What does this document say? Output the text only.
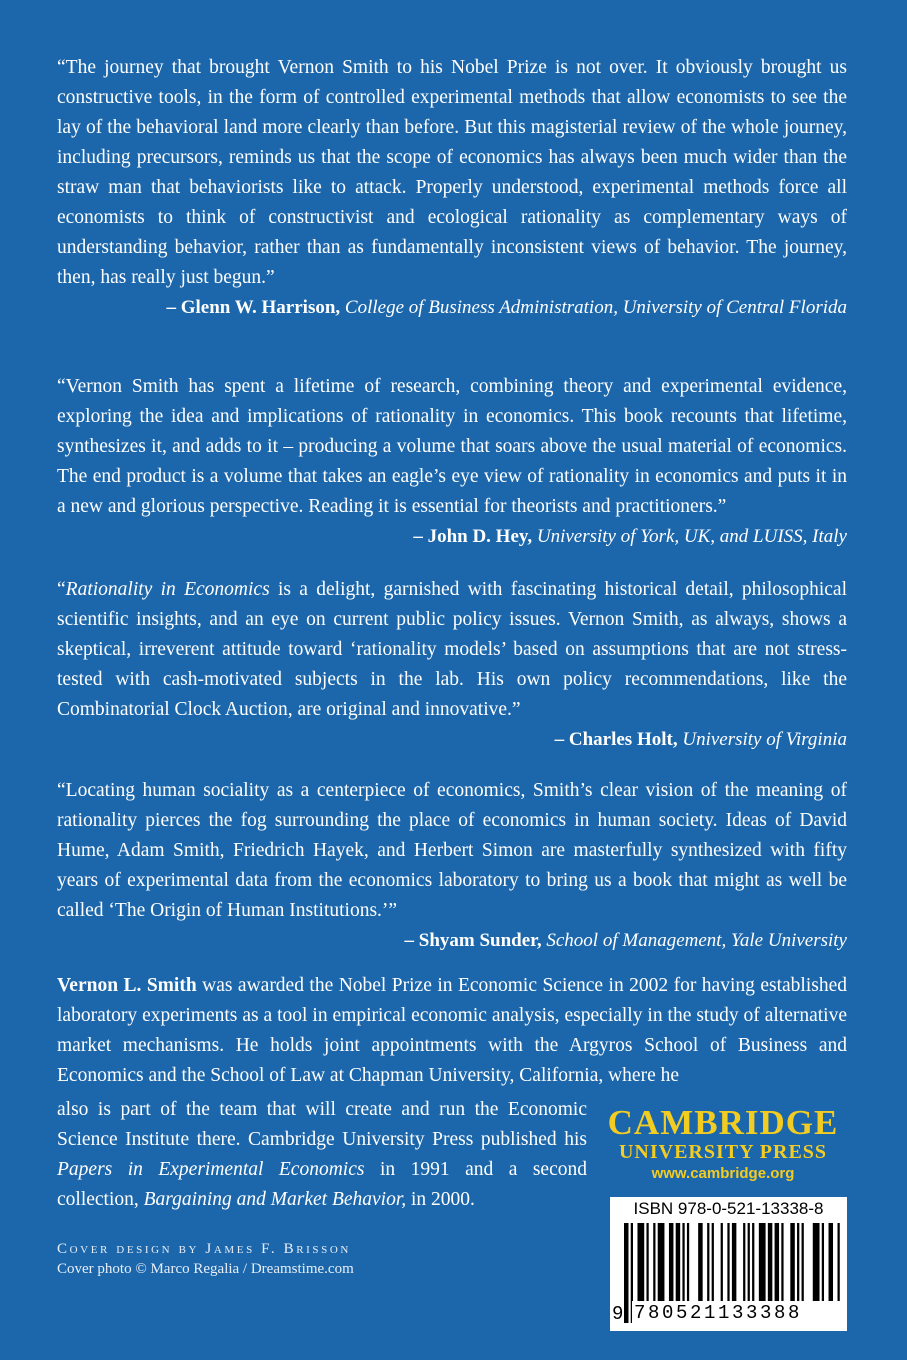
“The journey that brought Vernon Smith to his Nobel Prize is not over. It obviously brought us constructive tools, in the form of controlled experimental methods that allow economists to see the lay of the behavioral land more clearly than before. But this magisterial review of the whole journey, including precursors, reminds us that the scope of economics has always been much wider than the straw man that behaviorists like to attack. Properly understood, experimental methods force all economists to think of constructivist and ecological rationality as complementary ways of understanding behavior, rather than as fundamentally inconsistent views of behavior. The journey, then, has really just begun.”

– Glenn W. Harrison, College of Business Administration, University of Central Florida

“Vernon Smith has spent a lifetime of research, combining theory and experimental evidence, exploring the idea and implications of rationality in economics. This book recounts that lifetime, synthesizes it, and adds to it – producing a volume that soars above the usual material of economics. The end product is a volume that takes an eagle’s eye view of rationality in economics and puts it in a new and glorious perspective. Reading it is essential for theorists and practitioners.”

– John D. Hey, University of York, UK, and LUISS, Italy

“Rationality in Economics is a delight, garnished with fascinating historical detail, philosophical scientific insights, and an eye on current public policy issues. Vernon Smith, as always, shows a skeptical, irreverent attitude toward ‘rationality models’ based on assumptions that are not stress-tested with cash-motivated subjects in the lab. His own policy recommendations, like the Combinatorial Clock Auction, are original and innovative.”

– Charles Holt, University of Virginia

“Locating human sociality as a centerpiece of economics, Smith’s clear vision of the meaning of rationality pierces the fog surrounding the place of economics in human society. Ideas of David Hume, Adam Smith, Friedrich Hayek, and Herbert Simon are masterfully synthesized with fifty years of experimental data from the economics laboratory to bring us a book that might as well be called ‘The Origin of Human Institutions.’”

– Shyam Sunder, School of Management, Yale University

Vernon L. Smith was awarded the Nobel Prize in Economic Science in 2002 for having established laboratory experiments as a tool in empirical economic analysis, especially in the study of alternative market mechanisms. He holds joint appointments with the Argyros School of Business and Economics and the School of Law at Chapman University, California, where he

also is part of the team that will create and run the Economic Science Institute there. Cambridge University Press published his Papers in Experimental Economics in 1991 and a second collection, Bargaining and Market Behavior, in 2000.

Cover design by James F. Brisson
Cover photo © Marco Regalia / Dreamstime.com
CAMBRIDGE
UNIVERSITY PRESS
www.cambridge.org
ISBN 978-0-521-13338-8
9 780521133388
